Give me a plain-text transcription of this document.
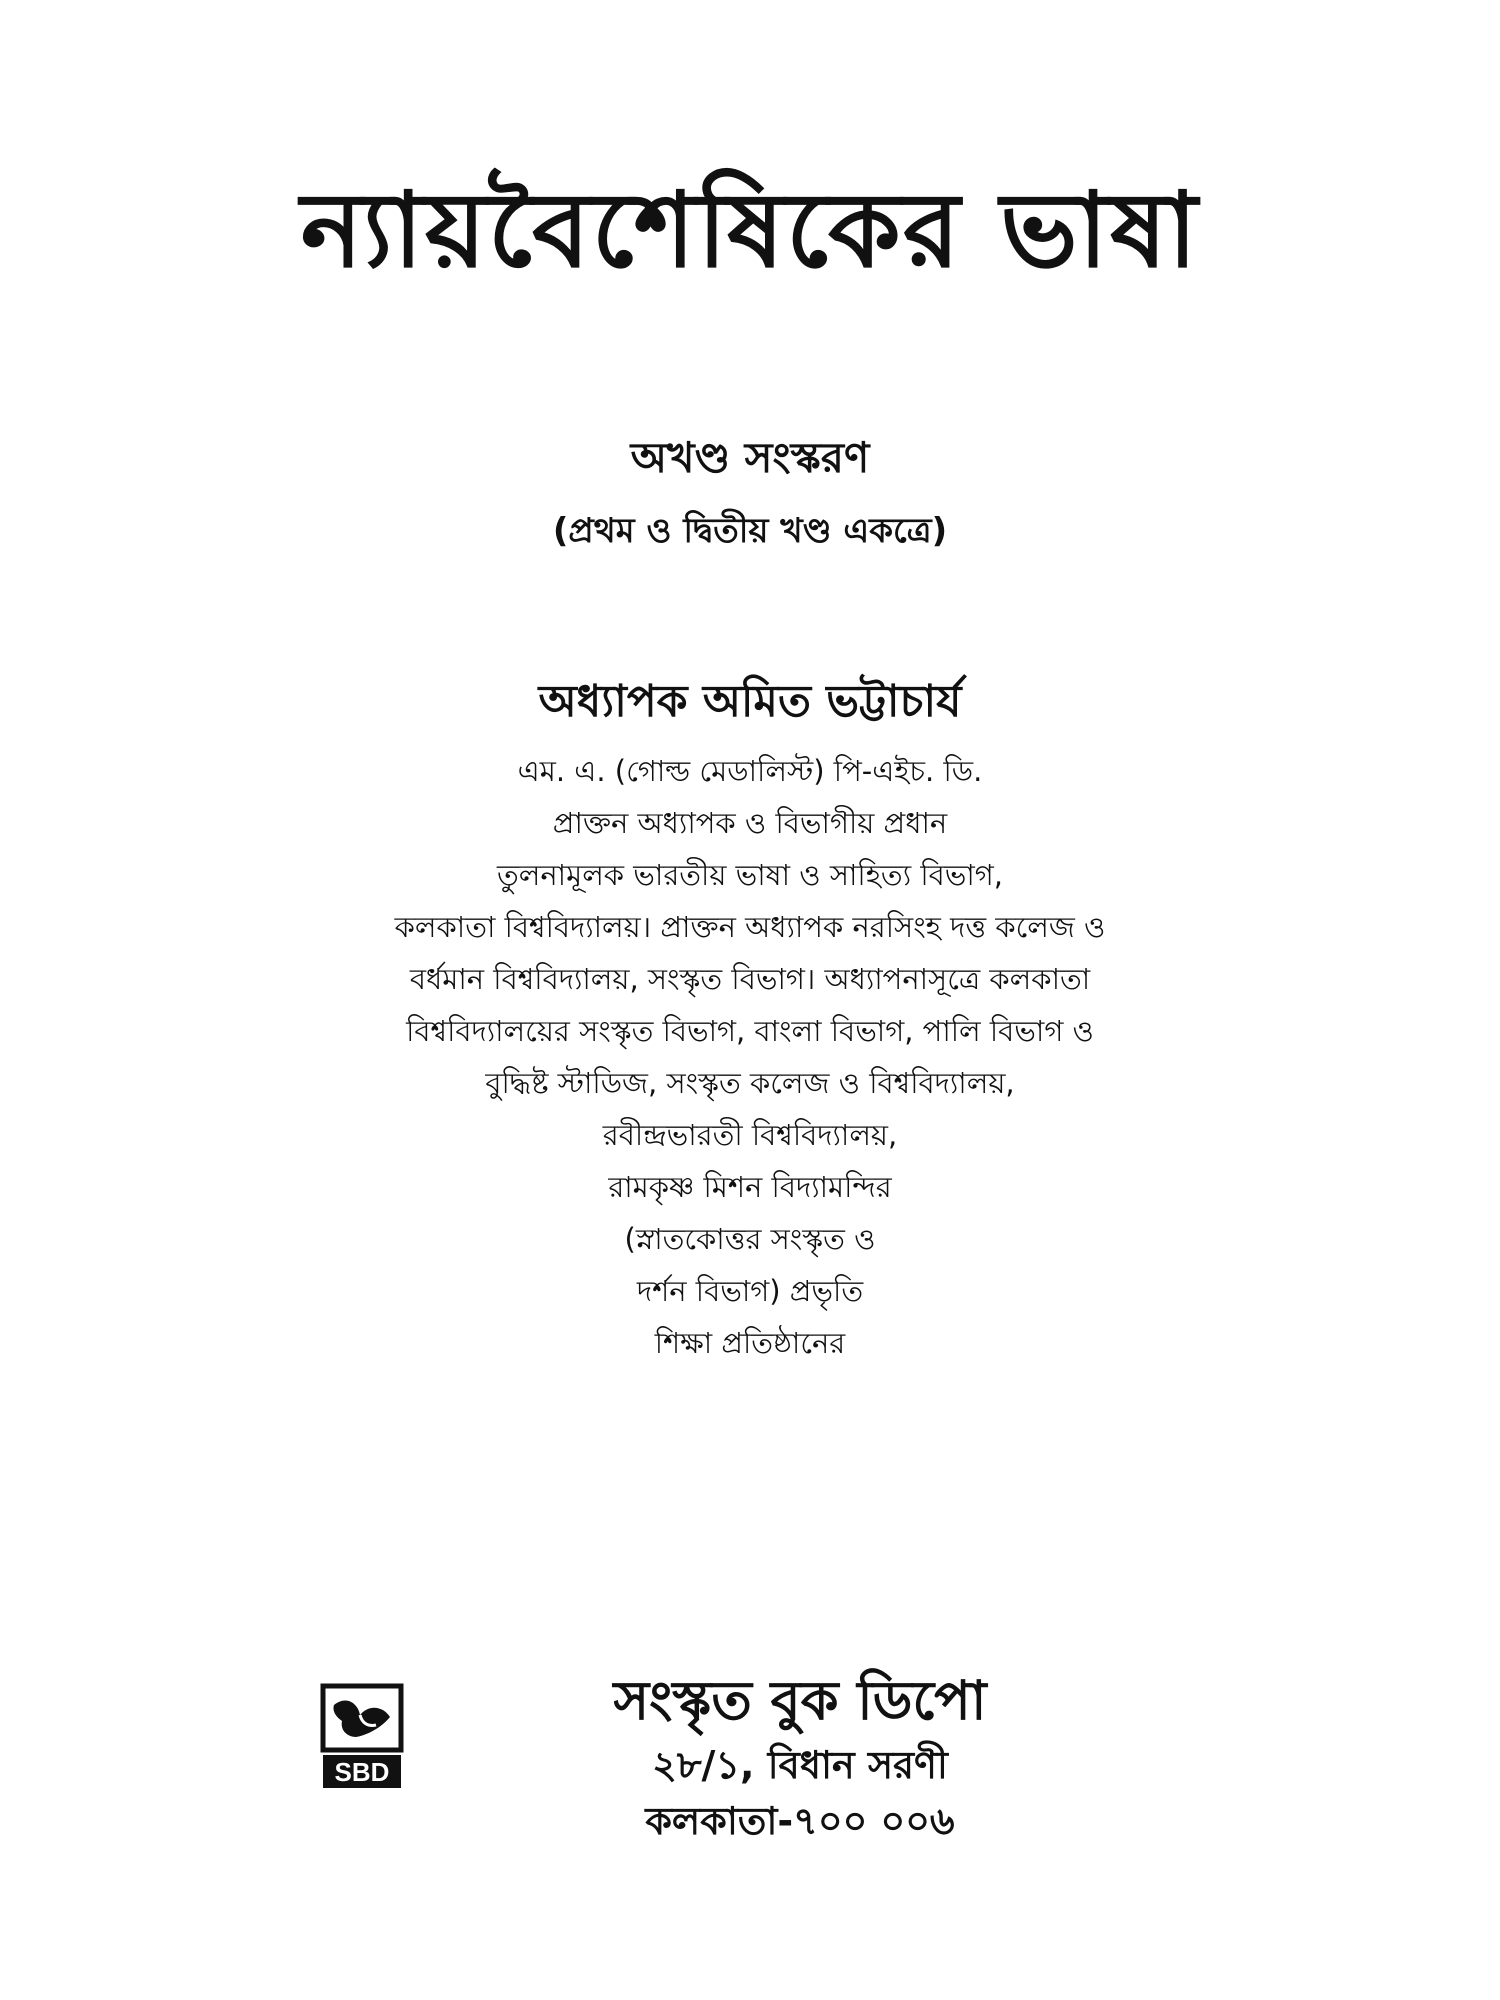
ন্যায়বৈশেষিকের ভাষা
অখণ্ড সংস্করণ
(প্রথম ও দ্বিতীয় খণ্ড একত্রে)
অধ্যাপক অমিত ভট্টাচার্য
এম. এ. (গোল্ড মেডালিস্ট) পি-এইচ. ডি.
প্রাক্তন অধ্যাপক ও বিভাগীয় প্রধান
তুলনামূলক ভারতীয় ভাষা ও সাহিত্য বিভাগ,
কলকাতা বিশ্ববিদ্যালয়। প্রাক্তন অধ্যাপক নরসিংহ দত্ত কলেজ ও
বর্ধমান বিশ্ববিদ্যালয়, সংস্কৃত বিভাগ। অধ্যাপনাসূত্রে কলকাতা
বিশ্ববিদ্যালয়ের সংস্কৃত বিভাগ, বাংলা বিভাগ, পালি বিভাগ ও
বুদ্ধিষ্ট স্টাডিজ, সংস্কৃত কলেজ ও বিশ্ববিদ্যালয়,
রবীন্দ্রভারতী বিশ্ববিদ্যালয়,
রামকৃষ্ণ মিশন বিদ্যামন্দির
(স্নাতকোত্তর সংস্কৃত ও
দর্শন বিভাগ) প্রভৃতি
শিক্ষা প্রতিষ্ঠানের
SBD
সংস্কৃত বুক ডিপো
২৮/১, বিধান সরণী
কলকাতা-৭০০ ০০৬
